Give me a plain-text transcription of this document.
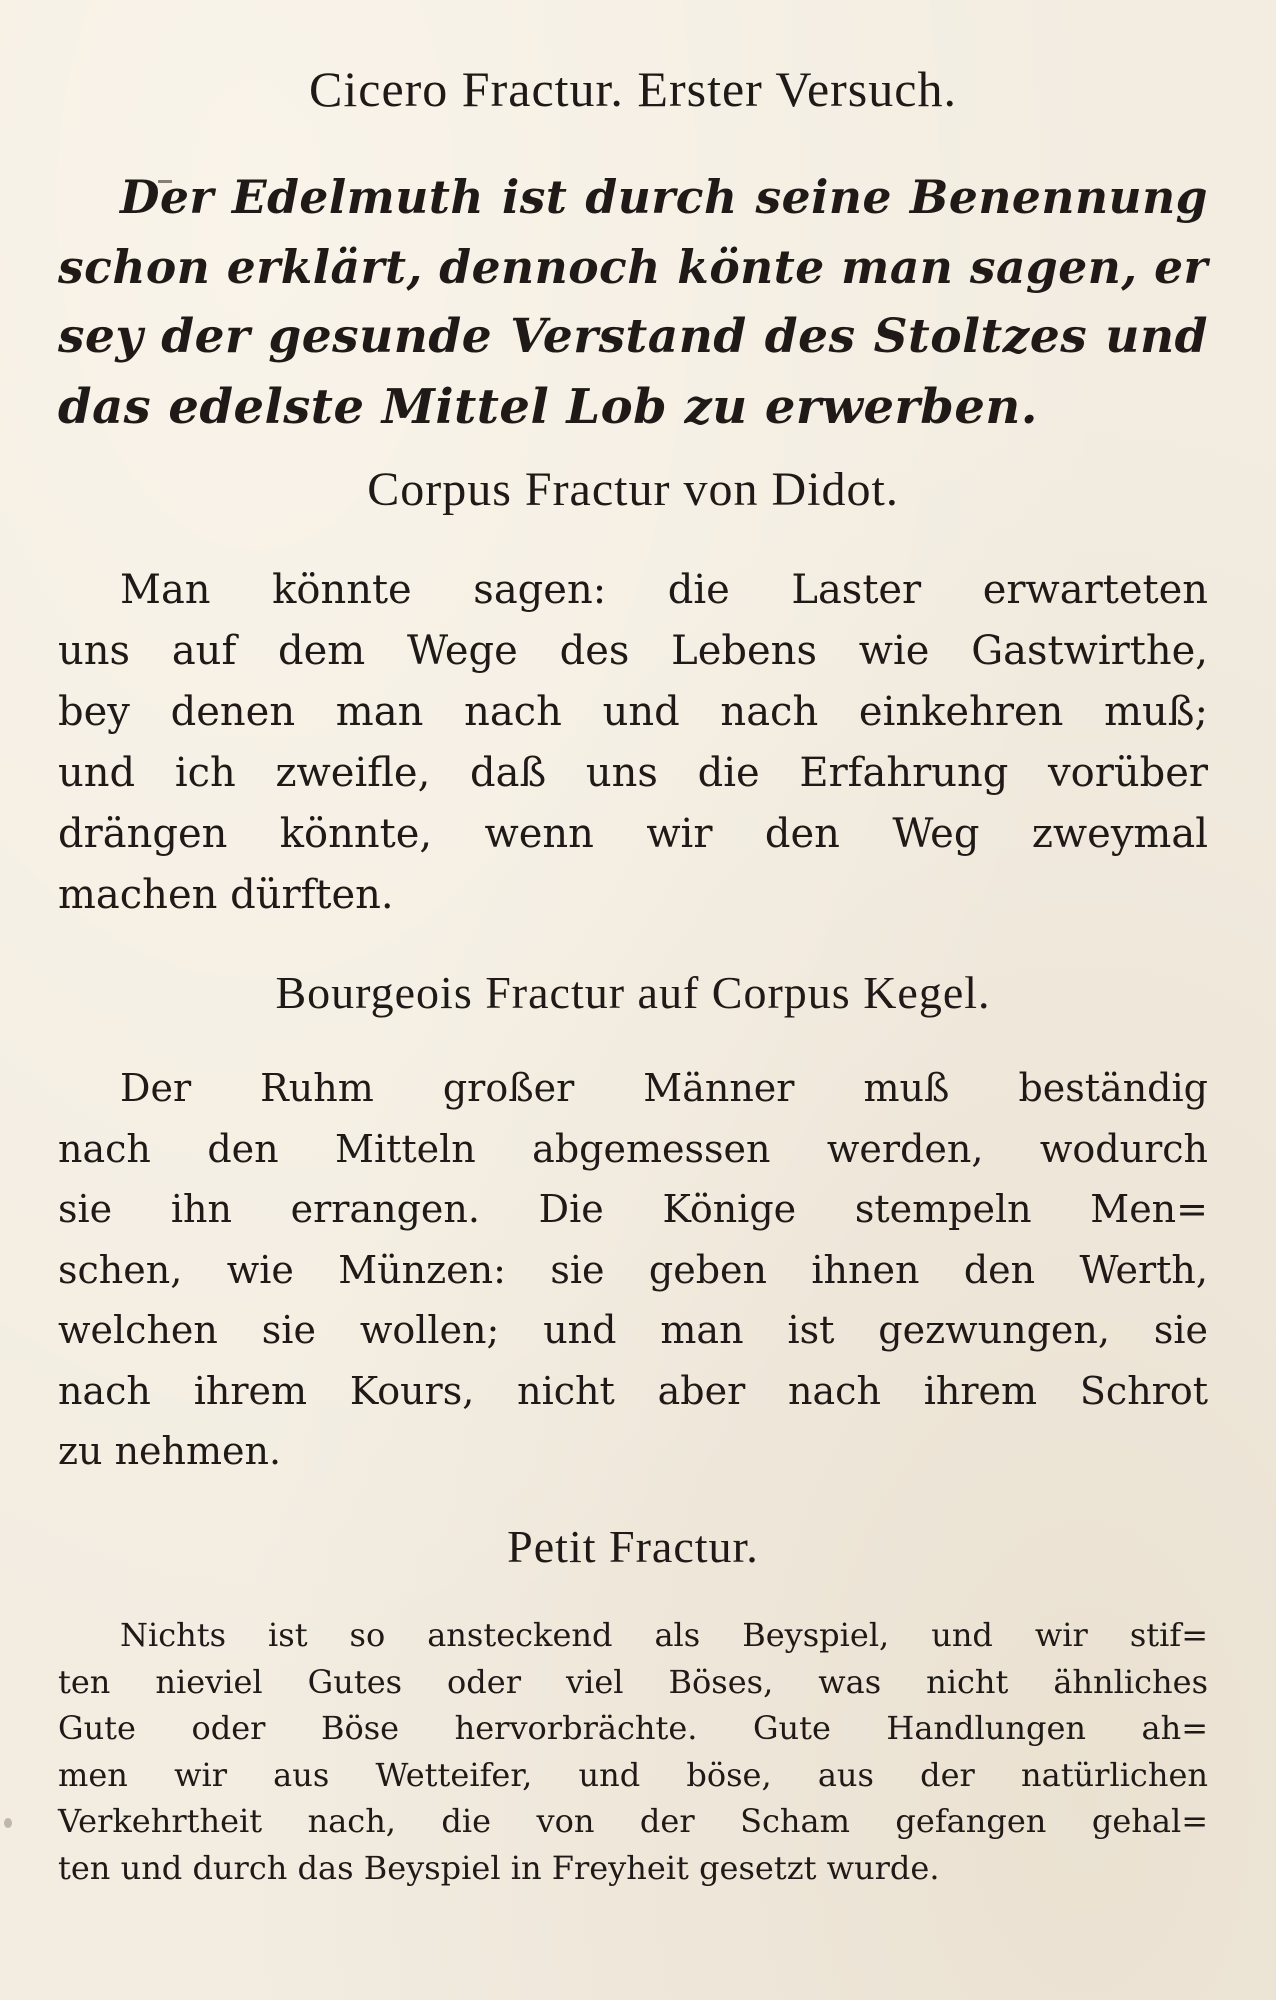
Cicero Fractur. Erster Versuch.
Der Edelmuth ist durch seine Benennung
schon erklärt, dennoch könte man sagen, er
sey der gesunde Verstand des Stoltzes und
das edelste Mittel Lob zu erwerben.
Corpus Fractur von Didot.
Man könnte sagen: die Laster erwarteten
uns auf dem Wege des Lebens wie Gastwirthe,
bey denen man nach und nach einkehren muß;
und ich zweifle, daß uns die Erfahrung vorüber
drängen könnte, wenn wir den Weg zweymal
machen dürften.
Bourgeois Fractur auf Corpus Kegel.
Der Ruhm großer Männer muß beständig
nach den Mitteln abgemessen werden, wodurch
sie ihn errangen. Die Könige stempeln Men=
schen, wie Münzen: sie geben ihnen den Werth,
welchen sie wollen; und man ist gezwungen, sie
nach ihrem Kours, nicht aber nach ihrem Schrot
zu nehmen.
Petit Fractur.
Nichts ist so ansteckend als Beyspiel, und wir stif=
ten nieviel Gutes oder viel Böses, was nicht ähnliches
Gute oder Böse hervorbrächte. Gute Handlungen ah=
men wir aus Wetteifer, und böse, aus der natürlichen
Verkehrtheit nach, die von der Scham gefangen gehal=
ten und durch das Beyspiel in Freyheit gesetzt wurde.
